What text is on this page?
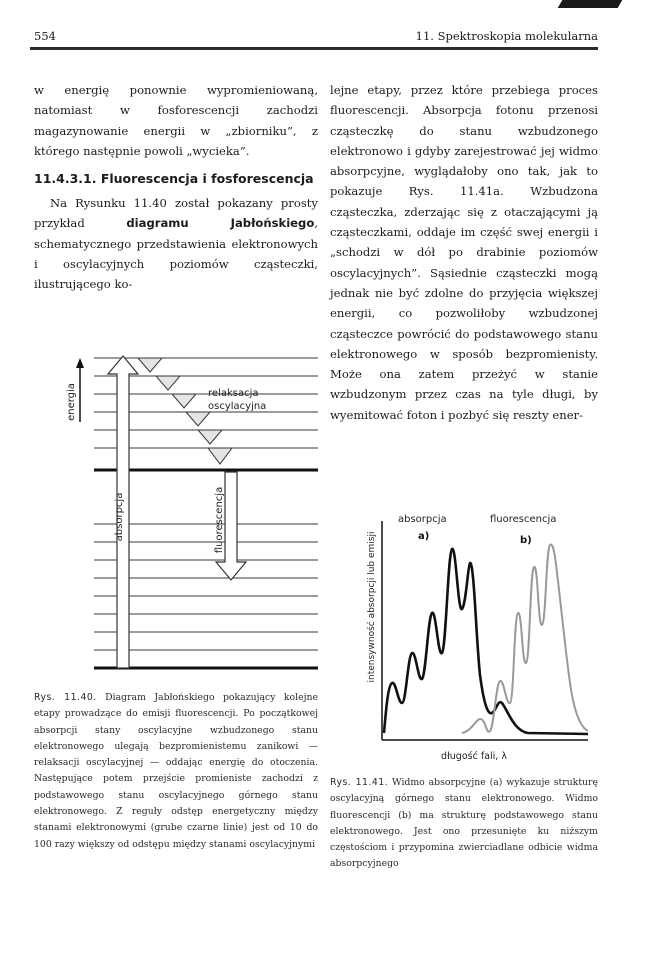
554	11. Spektroskopia molekularna

w energię ponownie wypromieniowaną, natomiast w fosforescencji zachodzi magazynowanie energii w „zbiorniku”, z którego następnie powoli „wycieka”.

11.4.3.1. Fluorescencja i fosforescencja

Na Rysunku 11.40 został pokazany prosty przykład diagramu Jabłońskiego, schematycznego przedstawienia elektronowych i oscylacyjnych poziomów cząsteczki, ilustrującego ko-

lejne etapy, przez które przebiega proces fluorescencji. Absorpcja fotonu przenosi cząsteczkę do stanu wzbudzonego elektronowo i gdyby zarejestrować jej widmo absorpcyjne, wyglądałoby ono tak, jak to pokazuje Rys. 11.41a. Wzbudzona cząsteczka, zderzając się z otaczającymi ją cząsteczkami, oddaje im część swej energii i „schodzi w dół po drabinie poziomów oscylacyjnych”. Sąsiednie cząsteczki mogą jednak nie być zdolne do przyjęcia większej energii, co pozwoliłoby wzbudzonej cząsteczce powrócić do podstawowego stanu elektronowego w sposób bezpromienisty. Może ona zatem przeżyć w stanie wzbudzonym przez czas na tyle długi, by wyemitować foton i pozbyć się reszty ener-

energia
absorpcja
relaksacja
oscylacyjna
fluorescencja
Rys. 11.40. Diagram Jabłońskiego pokazujący kolejne etapy prowadzące do emisji fluorescencji. Po początkowej absorpcji stany oscylacyjne wzbudzonego stanu elektronowego ulegają bezpromienistemu zanikowi — relaksacji oscylacyjnej — oddając energię do otoczenia. Następujące potem przejście promieniste zachodzi z podstawowego stanu oscylacyjnego górnego stanu elektronowego. Z reguły odstęp energetyczny między stanami elektronowymi (grube czarne linie) jest od 10 do 100 razy większy od odstępu między stanami oscylacyjnymi
intensywność absorpcji lub emisji
absorpcja	fluorescencja
a)	b)
długość fali, λ
Rys. 11.41. Widmo absorpcyjne (a) wykazuje strukturę oscylacyjną górnego stanu elektronowego. Widmo fluorescencji (b) ma strukturę podstawowego stanu elektronowego. Jest ono przesunięte ku niższym częstościom i przypomina zwierciadlane odbicie widma absorpcyjnego
